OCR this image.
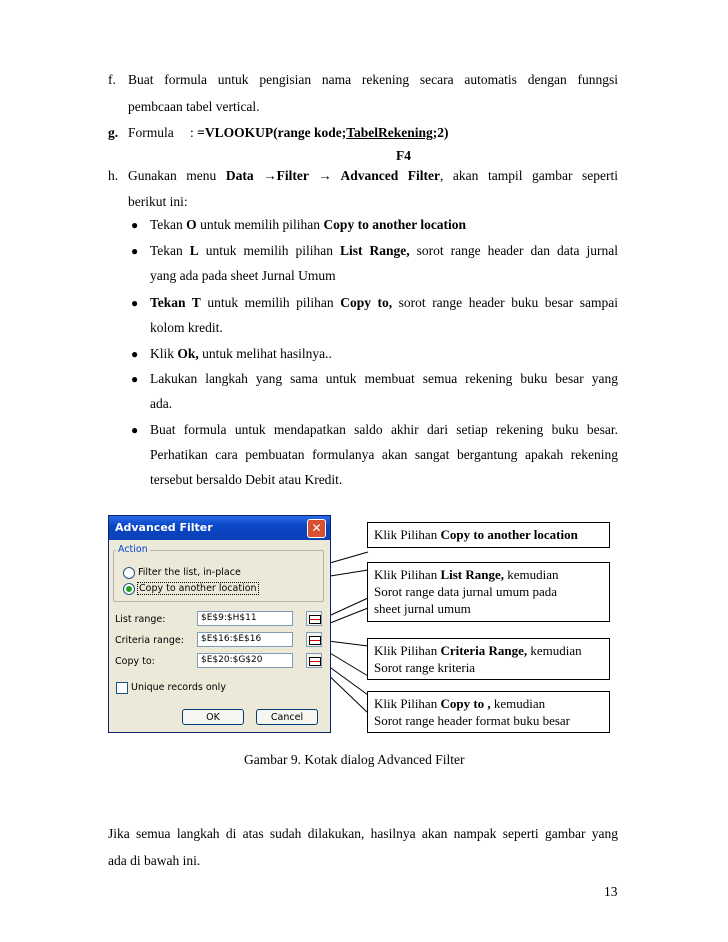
f. Buat formula untuk pengisian nama rekening secara automatis dengan funngsi
pembcaan tabel vertical.
g. Formula : =VLOOKUP(range kode;TabelRekening;2)
F4
h. Gunakan menu Data →Filter → Advanced Filter, akan tampil gambar seperti
berikut ini:
● Tekan O untuk memilih pilihan Copy to another location
● Tekan L untuk memilih pilihan List Range, sorot range header dan data jurnal
yang ada pada sheet Jurnal Umum
● Tekan T untuk memilih pilihan Copy to, sorot range header buku besar sampai
kolom kredit.
● Klik Ok, untuk melihat hasilnya..
● Lakukan langkah yang sama untuk membuat semua rekening buku besar yang
ada.
● Buat formula untuk mendapatkan saldo akhir dari setiap rekening buku besar.
Perhatikan cara pembuatan formulanya akan sangat bergantung apakah rekening
tersebut bersaldo Debit atau Kredit.
Advanced Filter	✕
Action
Filter the list, in-place
Copy to another location
List range:	$E$9:$H$11
Criteria range:	$E$16:$E$16
Copy to:	$E$20:$G$20
Unique records only
OK	Cancel
Klik Pilihan Copy to another location
Klik Pilihan List Range, kemudian
Sorot range data jurnal umum pada
sheet jurnal umum
Klik Pilihan Criteria Range, kemudian
Sorot range kriteria
Klik Pilihan Copy to , kemudian
Sorot range header format buku besar
Gambar 9. Kotak dialog Advanced Filter
Jika semua langkah di atas sudah dilakukan, hasilnya akan nampak seperti gambar yang
ada di bawah ini.
13
